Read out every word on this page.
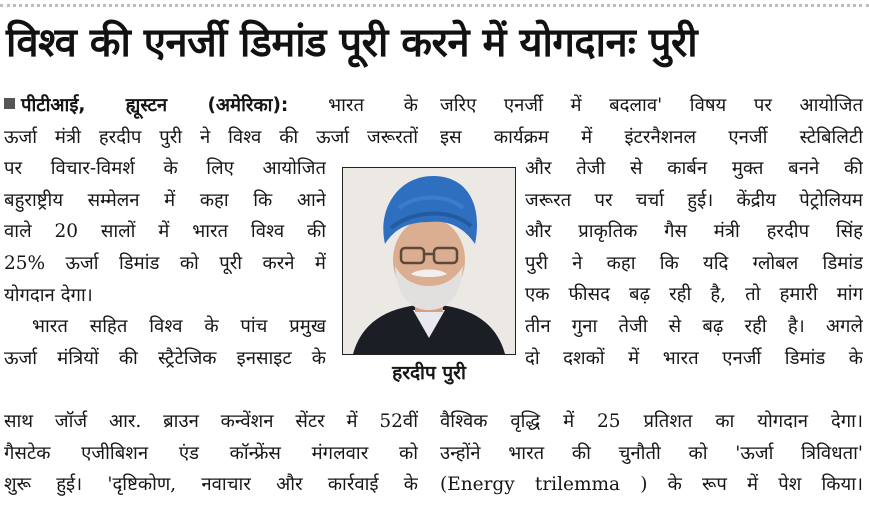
विश्व की एनर्जी डिमांड पूरी करने में योगदानः पुरी
पीटीआई, ह्यूस्टन (अमेरिका): भारत के
ऊर्जा मंत्री हरदीप पुरी ने विश्व की ऊर्जा जरूरतों
पर विचार-विमर्श के लिए आयोजित
बहुराष्ट्रीय सम्मेलन में कहा कि आने
वाले 20 सालों में भारत विश्व की
25% ऊर्जा डिमांड को पूरी करने में
योगदान देगा।
भारत सहित विश्व के पांच प्रमुख
ऊर्जा मंत्रियों की स्ट्रैटेजिक इनसाइट के
जरिए एनर्जी में बदलाव' विषय पर आयोजित
इस कार्यक्रम में इंटरनैशनल एनर्जी स्टेबिलिटी
और तेजी से कार्बन मुक्त बनने की
जरूरत पर चर्चा हुई। केंद्रीय पेट्रोलियम
और प्राकृतिक गैस मंत्री हरदीप सिंह
पुरी ने कहा कि यदि ग्लोबल डिमांड
एक फीसद बढ़ रही है, तो हमारी मांग
तीन गुना तेजी से बढ़ रही है। अगले
दो दशकों में भारत एनर्जी डिमांड के
साथ जॉर्ज आर. ब्राउन कन्वेंशन सेंटर में 52वीं
गैसटेक एजीबिशन एंड कॉन्फ्रेंस मंगलवार को
शुरू हुई। 'दृष्टिकोण, नवाचार और कार्रवाई के
वैश्विक वृद्धि में 25 प्रतिशत का योगदान देगा।
उन्होंने भारत की चुनौती को 'ऊर्जा त्रिविधता'
(Energy trilemma ) के रूप में पेश किया।
हरदीप पुरी
